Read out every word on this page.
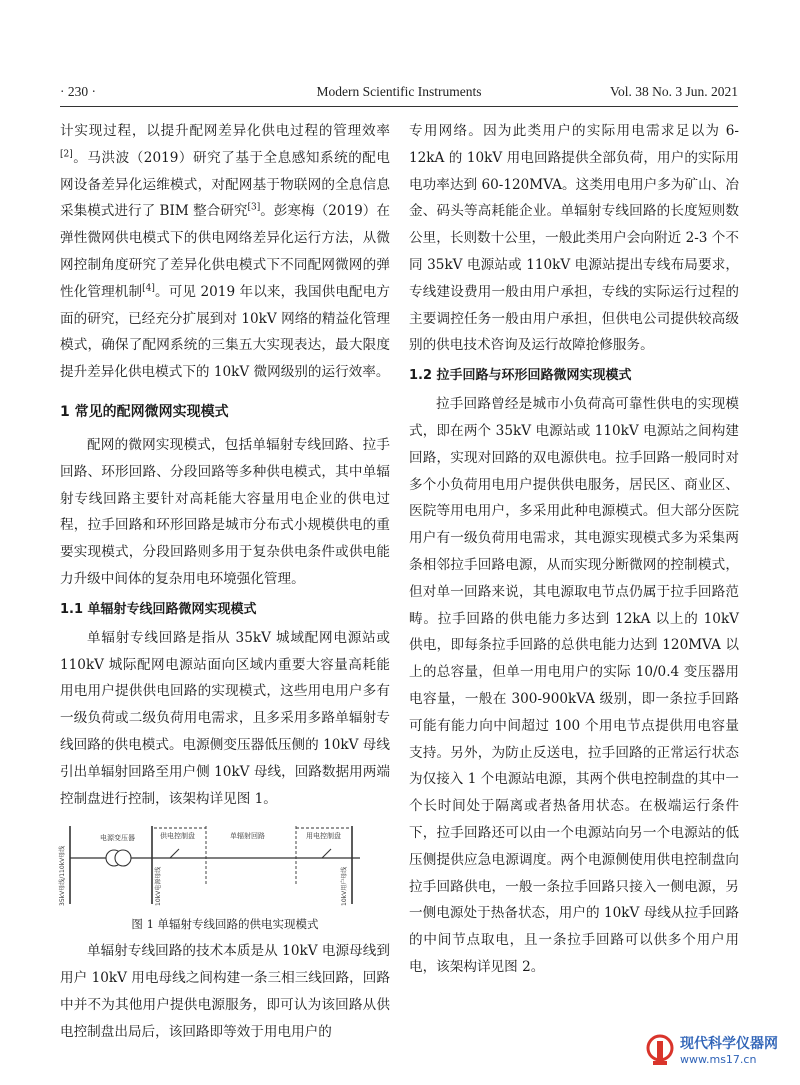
· 230 ·	Modern Scientific Instruments	Vol. 38 No. 3 Jun. 2021

计实现过程，以提升配网差异化供电过程的管理效率[2]。马洪波（2019）研究了基于全息感知系统的配电网设备差异化运维模式，对配网基于物联网的全息信息采集模式进行了 BIM 整合研究[3]。彭寒梅（2019）在弹性微网供电模式下的供电网络差异化运行方法，从微网控制角度研究了差异化供电模式下不同配网微网的弹性化管理机制[4]。可见 2019 年以来，我国供电配电方面的研究，已经充分扩展到对 10kV 网络的精益化管理模式，确保了配网系统的三集五大实现表达，最大限度提升差异化供电模式下的 10kV 微网级别的运行效率。

1 常见的配网微网实现模式

配网的微网实现模式，包括单辐射专线回路、拉手回路、环形回路、分段回路等多种供电模式，其中单辐射专线回路主要针对高耗能大容量用电企业的供电过程，拉手回路和环形回路是城市分布式小规模供电的重要实现模式，分段回路则多用于复杂供电条件或供电能力升级中间体的复杂用电环境强化管理。

1.1 单辐射专线回路微网实现模式

单辐射专线回路是指从 35kV 城域配网电源站或 110kV 城际配网电源站面向区域内重要大容量高耗能用电用户提供供电回路的实现模式，这些用电用户多有一级负荷或二级负荷用电需求，且多采用多路单辐射专线回路的供电模式。电源侧变压器低压侧的 10kV 母线引出单辐射回路至用户侧 10kV 母线，回路数据用两端控制盘进行控制，该架构详见图 1。

电源变压器	供电控制盘	单辐射回路	用电控制盘
35kV母线/110kV母线	10kV电源母线	10kV用户母线
图 1 单辐射专线回路的供电实现模式

单辐射专线回路的技术本质是从 10kV 电源母线到用户 10kV 用电母线之间构建一条三相三线回路，回路中并不为其他用户提供电源服务，即可认为该回路从供电控制盘出局后，该回路即等效于用电用户的

专用网络。因为此类用户的实际用电需求足以为 6-12kA 的 10kV 用电回路提供全部负荷，用户的实际用电功率达到 60-120MVA。这类用电用户多为矿山、冶金、码头等高耗能企业。单辐射专线回路的长度短则数公里，长则数十公里，一般此类用户会向附近 2-3 个不同 35kV 电源站或 110kV 电源站提出专线布局要求，专线建设费用一般由用户承担，专线的实际运行过程的主要调控任务一般由用户承担，但供电公司提供较高级别的供电技术咨询及运行故障抢修服务。

1.2 拉手回路与环形回路微网实现模式

拉手回路曾经是城市小负荷高可靠性供电的实现模式，即在两个 35kV 电源站或 110kV 电源站之间构建回路，实现对回路的双电源供电。拉手回路一般同时对多个小负荷用电用户提供供电服务，居民区、商业区、医院等用电用户，多采用此种电源模式。但大部分医院用户有一级负荷用电需求，其电源实现模式多为采集两条相邻拉手回路电源，从而实现分断微网的控制模式，但对单一回路来说，其电源取电节点仍属于拉手回路范畴。拉手回路的供电能力多达到 12kA 以上的 10kV 供电，即每条拉手回路的总供电能力达到 120MVA 以上的总容量，但单一用电用户的实际 10/0.4 变压器用电容量，一般在 300-900kVA 级别，即一条拉手回路可能有能力向中间超过 100 个用电节点提供用电容量支持。另外，为防止反送电，拉手回路的正常运行状态为仅接入 1 个电源站电源，其两个供电控制盘的其中一个长时间处于隔离或者热备用状态。在极端运行条件下，拉手回路还可以由一个电源站向另一个电源站的低压侧提供应急电源调度。两个电源侧使用供电控制盘向拉手回路供电，一般一条拉手回路只接入一侧电源，另一侧电源处于热备状态，用户的 10kV 母线从拉手回路的中间节点取电，且一条拉手回路可以供多个用户用电，该架构详见图 2。

现代科学仪器网
www.ms17.cn
